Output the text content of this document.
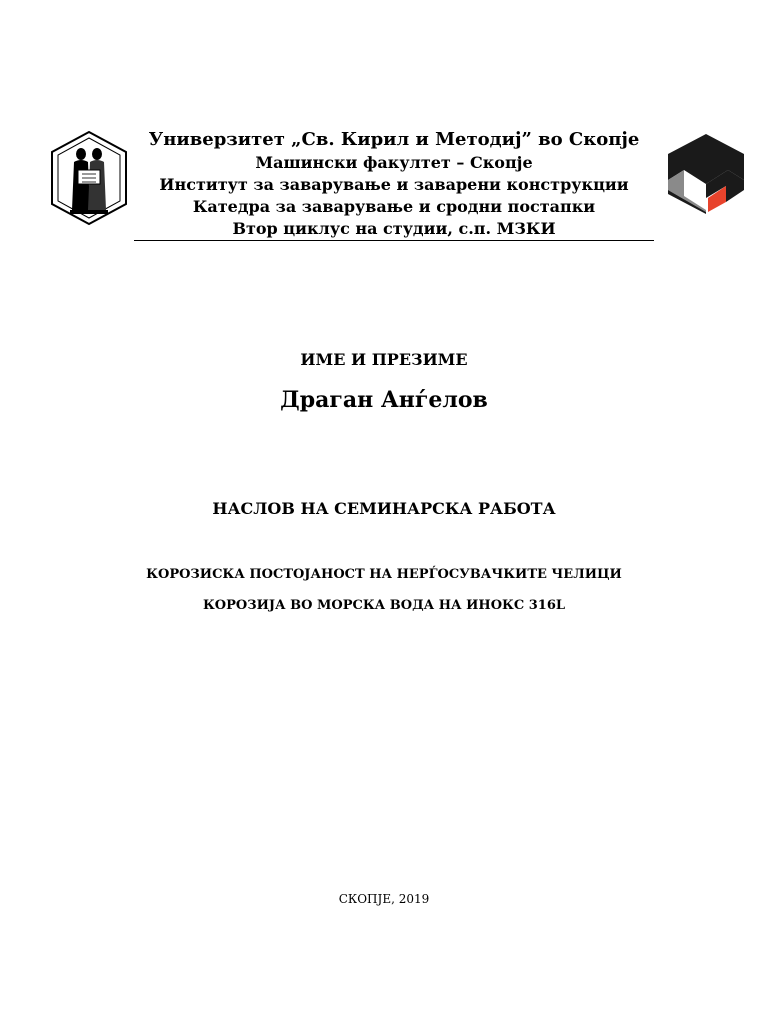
Универзитет „Св. Кирил и Методиј” во Скопје
Машински факултет – Скопје
Институт за заварување и заварени конструкции
Катедра за заварување и сродни постапки
Втор циклус на студии, с.п. МЗКИ
ИМЕ И ПРЕЗИМЕ
Драган Анѓелов
НАСЛОВ НА СЕМИНАРСКА РАБОТА
КОРОЗИСКА ПОСТОЈАНОСТ НА НЕРЃОСУВАЧКИТЕ ЧЕЛИЦИ
КОРОЗИЈА ВО МОРСКА ВОДА НА ИНОКС 316L
СКОПЈЕ, 2019
